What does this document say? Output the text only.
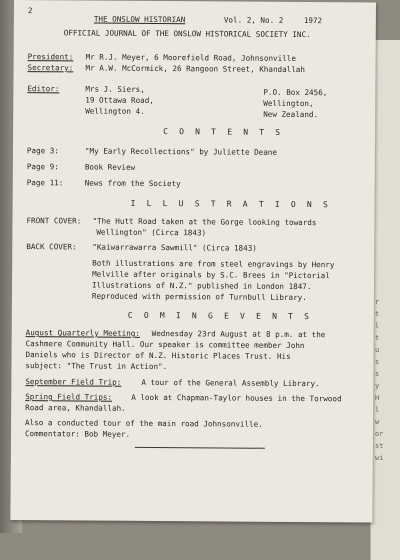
r
t
l
t
u
s
s
y
H
l
w
or
st
wi
2
THE ONSLOW HISTORIAN	Vol. 2, No. 2	1972
OFFICIAL JOURNAL OF THE ONSLOW HISTORICAL SOCIETY INC.
President: Mr R.J. Meyer, 6 Moorefield Road, Johnsonville
Secretary: Mr A.W. McCormick, 26 Rangoon Street, Khandallah
Editor:	Mrs J. Siers,
19 Ottawa Road,
Wellington 4.
P.O. Box 2456,
Wellington,
New Zealand.
C O N T E N T S
Page 3:	"My Early Recollections" by Juliette Deane
Page 9:	Book Review
Page 11:	News from the Society
I L L U S T R A T I O N S
FRONT COVER: "The Hutt Road taken at the Gorge looking towards
Wellington" (Circa 1843)
BACK COVER: "Kaiwarrawarra Sawmill" (Circa 1843)
Both illustrations are from steel engravings by Henry
Melville after originals by S.C. Brees in "Pictorial
Illustrations of N.Z." published in London 1847.
Reproduced with permission of Turnbull Library.
C O M I N G E V E N T S
August Quarterly Meeting: Wednesday 23rd August at 8 p.m. at the
Cashmere Community Hall. Our speaker is committee member John
Daniels who is Director of N.Z. Historic Places Trust. His
subject: "The Trust in Action".
September Field Trip:	A tour of the General Assembly Library.
Spring Field Trips:	A look at Chapman-Taylor houses in the Torwood
Road area, Khandallah.
Also a conducted tour of the main road Johnsonville.
Commentator: Bob Meyer.
